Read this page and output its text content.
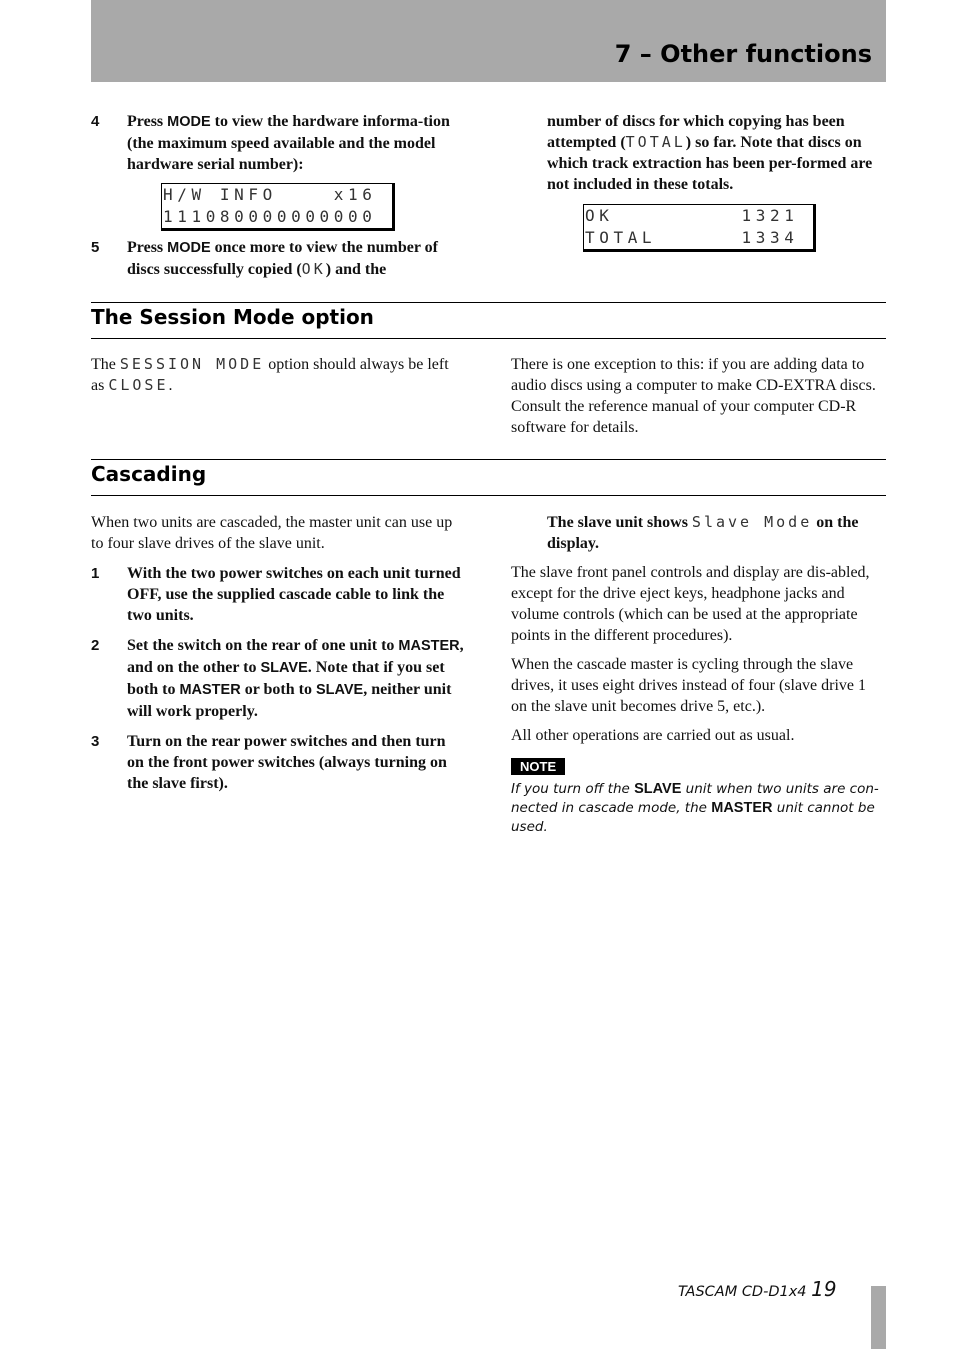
7 – Other functions
4 Press MODE to view the hardware informa-tion (the maximum speed available and the model hardware serial number):
H/W INFO    x16
111080000000000
5 Press MODE once more to view the number of discs successfully copied (OK) and the
number of discs for which copying has been attempted (TOTAL) so far. Note that discs on which track extraction has been per-formed are not included in these totals.
OK         1321
TOTAL      1334
The Session Mode option
The SESSION MODE option should always be left as CLOSE.
There is one exception to this: if you are adding data to audio discs using a computer to make CD-EXTRA discs. Consult the reference manual of your computer CD-R software for details.
Cascading
When two units are cascaded, the master unit can use up to four slave drives of the slave unit.
1 With the two power switches on each unit turned OFF, use the supplied cascade cable to link the two units.
2 Set the switch on the rear of one unit to MASTER, and on the other to SLAVE. Note that if you set both to MASTER or both to SLAVE, neither unit will work properly.
3 Turn on the rear power switches and then turn on the front power switches (always turning on the slave first).
The slave unit shows Slave Mode on the display.
The slave front panel controls and display are dis-abled, except for the drive eject keys, headphone jacks and volume controls (which can be used at the appropriate points in the different procedures).
When the cascade master is cycling through the slave drives, it uses eight drives instead of four (slave drive 1 on the slave unit becomes drive 5, etc.).
All other operations are carried out as usual.
NOTE
If you turn off the SLAVE unit when two units are con-nected in cascade mode, the MASTER unit cannot be used.
TASCAM CD-D1x4 19
